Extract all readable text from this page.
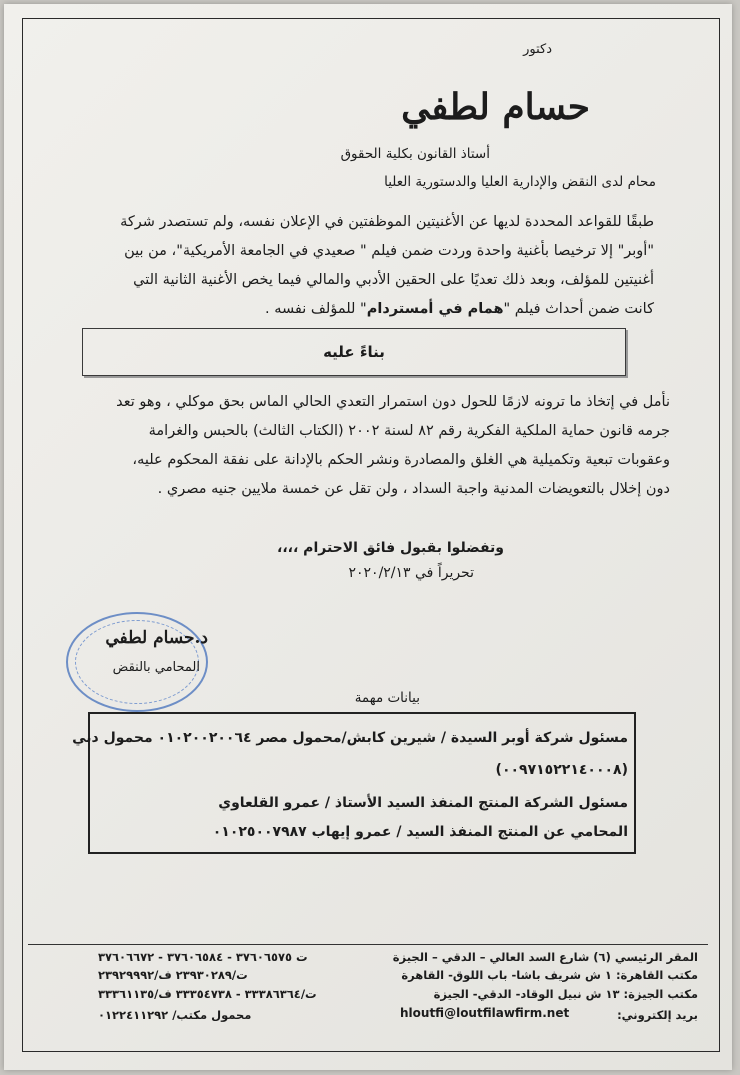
دكتور
حسام لطفي
أستاذ القانون بكلية الحقوق
محام لدى النقض والإدارية العليا والدستورية العليا
طبقًا للقواعد المحددة لديها عن الأغنيتين الموظفتين في الإعلان نفسه، ولم تستصدر شركة
"أوبر" إلا ترخيصا بأغنية واحدة وردت ضمن فيلم " صعيدي في الجامعة الأمريكية"، من بين
أغنيتين للمؤلف، وبعد ذلك تعديًا على الحقين الأدبي والمالي فيما يخص الأغنية الثانية التي
كانت ضمن أحداث فيلم "همام في أمستردام" للمؤلف نفسه .
بناءً عليه
نأمل في إتخاذ ما ترونه لازمًا للحول دون استمرار التعدي الحالي الماس بحق موكلي ، وهو تعد
جرمه قانون حماية الملكية الفكرية رقم ٨٢ لسنة ٢٠٠٢ (الكتاب الثالث) بالحبس والغرامة
وعقوبات تبعية وتكميلية هي الغلق والمصادرة ونشر الحكم بالإدانة على نفقة المحكوم عليه،
دون إخلال بالتعويضات المدنية واجبة السداد ، ولن تقل عن خمسة ملايين جنيه مصري .
وتفضلوا بقبول فائق الاحترام ،،،،
تحريراً في ٢٠٢٠/٢/١٣
د.حسام لطفي
المحامي بالنقض
بيانات مهمة
مسئول شركة أوبر السيدة / شيرين كابش/محمول مصر ٠١٠٢٠٠٢٠٠٦٤ محمول دبي
(٠٠٩٧١٥٢٢١٤٠٠٠٨)
مسئول الشركة المنتج المنفذ السيد الأستاذ / عمرو القلعاوي
المحامي عن المنتج المنفذ السيد / عمرو إيهاب ٠١٠٢٥٠٠٧٩٨٧
المقر الرئيسي (٦) شارع السد العالي – الدقي – الجيزة
مكتب القاهرة: ١ ش شريف باشا- باب اللوق- القاهرة
مكتب الجيزة: ١٣ ش نبيل الوقاد- الدقي- الجيزة
بريد إلكتروني:
hloutfi@loutfilawfirm.net
ت ٣٧٦٠٦٥٧٥ - ٣٧٦٠٦٥٨٤ - ٣٧٦٠٦٦٧٢
ت/٢٣٩٣٠٢٨٩ ف/٢٣٩٢٩٩٩٢
ت/٣٣٣٨٦٣٦٤ - ٣٣٣٥٤٧٣٨ ف/٣٣٣٦١١٣٥
محمول مكتب/ ٠١٢٢٤١١٢٩٢
